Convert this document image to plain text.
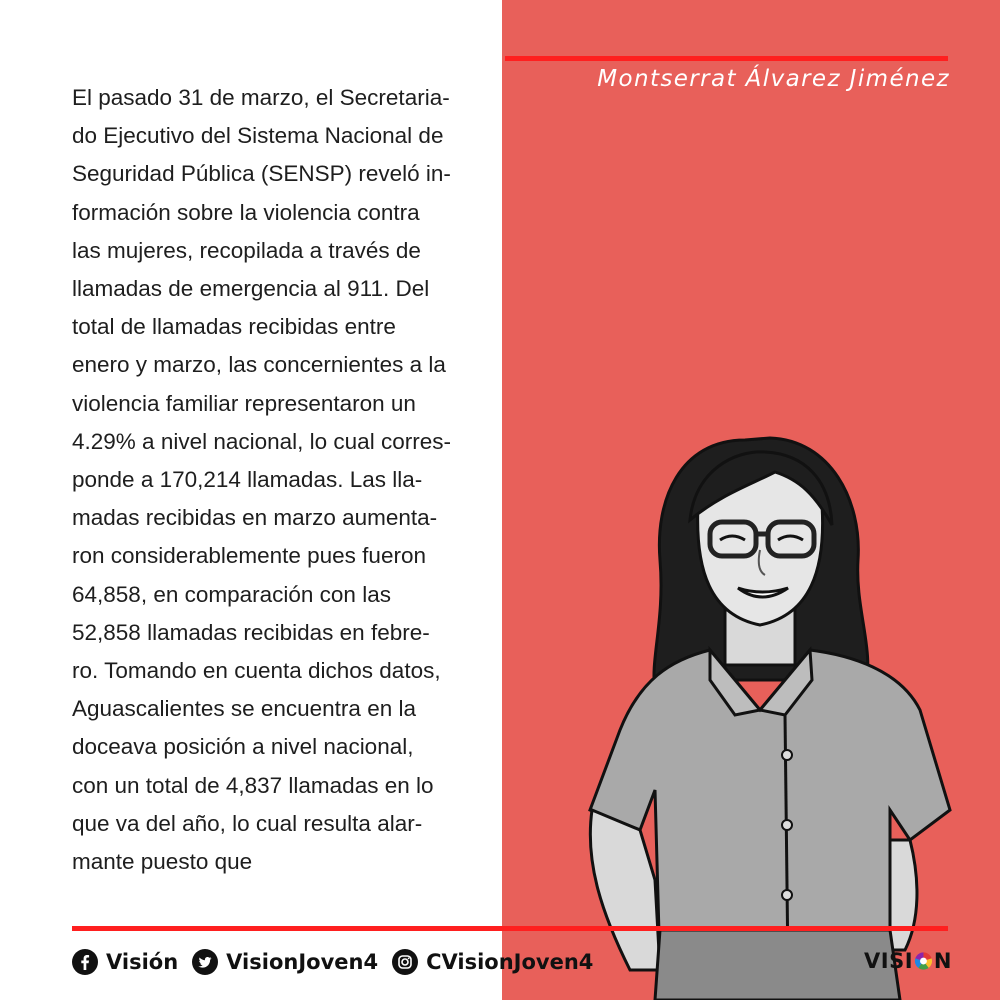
Montserrat Álvarez Jiménez
El pasado 31 de marzo, el Secretaria-
do Ejecutivo del Sistema Nacional de
Seguridad Pública (SENSP) reveló in-
formación sobre la violencia contra
las mujeres, recopilada a través de
llamadas de emergencia al 911. Del
total de llamadas recibidas entre
enero y marzo, las concernientes a la
violencia familiar representaron un
4.29% a nivel nacional, lo cual corres-
ponde a 170,214 llamadas. Las lla-
madas recibidas en marzo aumenta-
ron considerablemente pues fueron
64,858, en comparación con las
52,858 llamadas recibidas en febre-
ro. Tomando en cuenta dichos datos,
Aguascalientes se encuentra en la
doceava posición a nivel nacional,
con un total de 4,837 llamadas en lo
que va del año, lo cual resulta alar-
mante puesto que
Visión VisionJoven4 CVisionJoven4	VISI N
